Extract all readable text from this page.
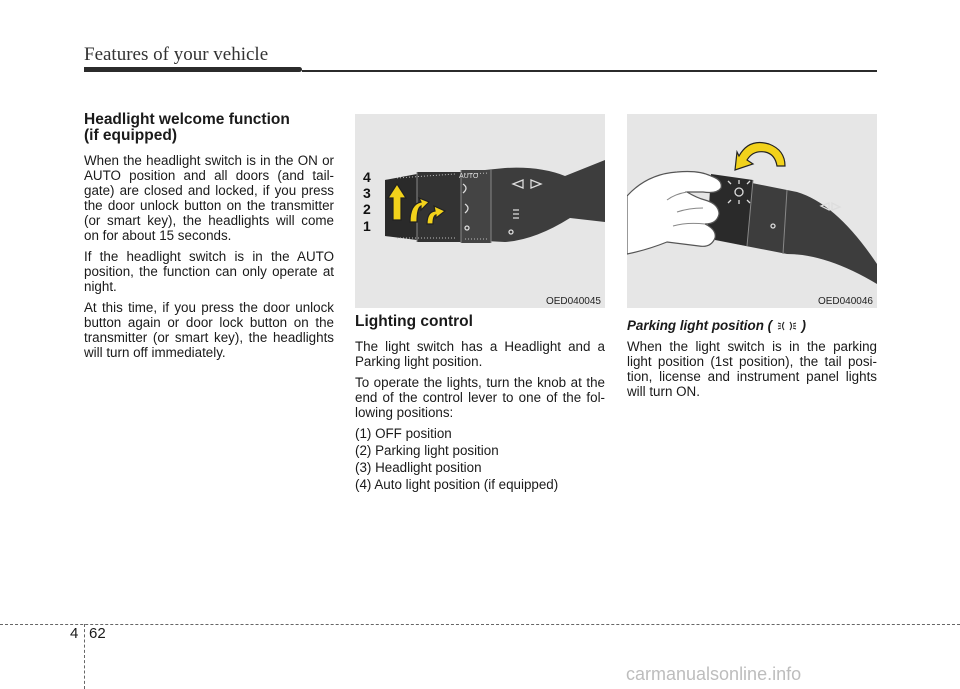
Features of your vehicle
Headlight welcome function
(if equipped)

When the headlight switch is in the ON or AUTO position and all doors (and tail-gate) are closed and locked, if you press the door unlock button on the transmitter (or smart key), the headlights will come on for about 15 seconds.

If the headlight switch is in the AUTO position, the function can only operate at night.

At this time, if you press the door unlock button again or door lock button on the transmitter (or smart key), the headlights will turn off immediately.

AUTO
4
3
2
1
OED040045	OED040046
Lighting control

The light switch has a Headlight and a Parking light position.

To operate the lights, turn the knob at the end of the control lever to one of the fol-lowing positions:

(1) OFF position
(2) Parking light position
(3) Headlight position
(4) Auto light position (if equipped)
Parking light position ( )

When the light switch is in the parking light position (1st position), the tail posi-tion, license and instrument panel lights will turn ON.

4 62
carmanualsonline.info
